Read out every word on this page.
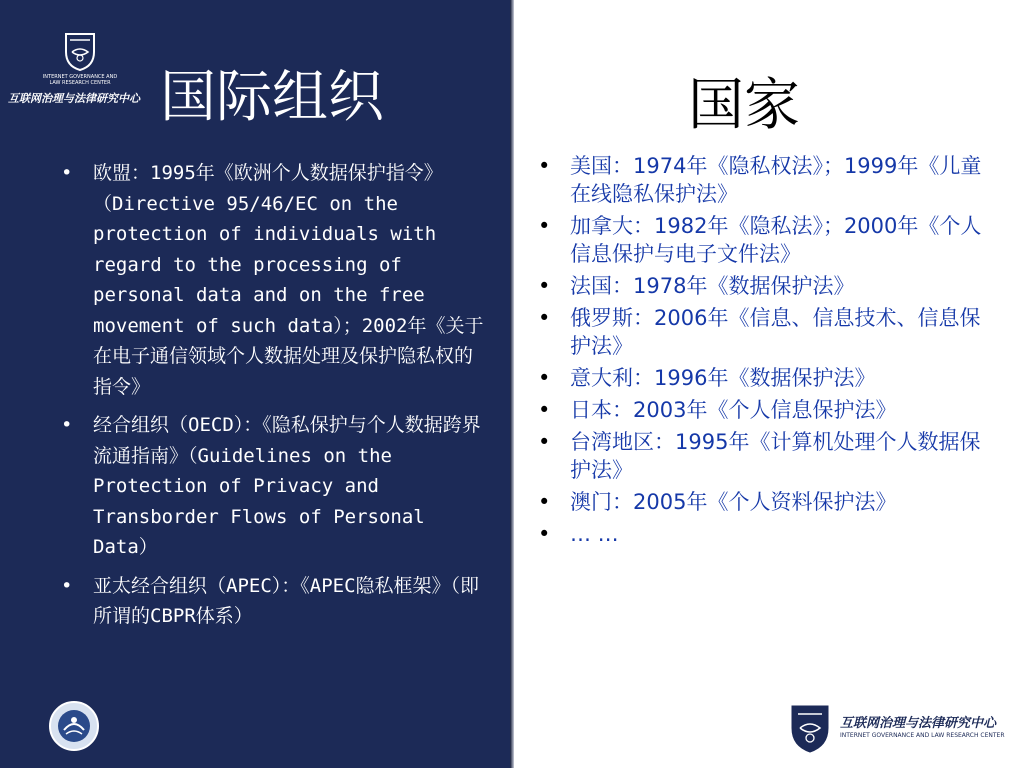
INTERNET GOVERNANCE AND
LAW RESEARCH CENTER
互联网治理与法律研究中心 国际组织	国家
• 欧盟：1995年《欧洲个人数据保护指令》（Directive 95/46/EC on the protection of individuals with regard to the processing of personal data and on the free movement of such data）；2002年《关于在电子通信领域个人数据处理及保护隐私权的指令》
• 经合组织（OECD）：《隐私保护与个人数据跨界流通指南》（Guidelines on the Protection of Privacy and Transborder Flows of Personal Data）
• 亚太经合组织（APEC）：《APEC隐私框架》（即所谓的CBPR体系）
• 美国：1974年《隐私权法》；1999年《儿童在线隐私保护法》
• 加拿大：1982年《隐私法》；2000年《个人信息保护与电子文件法》
• 法国：1978年《数据保护法》
• 俄罗斯：2006年《信息、信息技术、信息保护法》
• 意大利：1996年《数据保护法》
• 日本：2003年《个人信息保护法》
• 台湾地区：1995年《计算机处理个人数据保护法》
• 澳门：2005年《个人资料保护法》
• … …
互联网治理与法律研究中心
INTERNET GOVERNANCE AND LAW RESEARCH CENTER
